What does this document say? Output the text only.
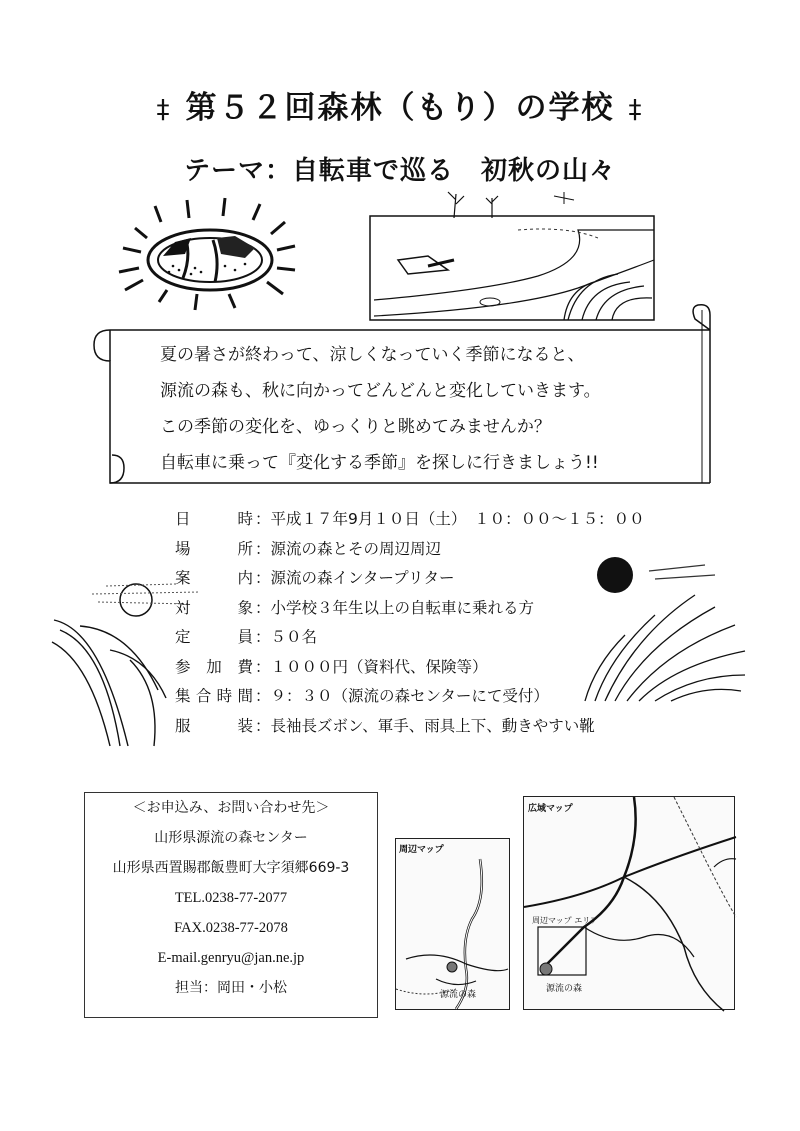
‡ 第５２回森林（もり）の学校 ‡
テーマ：自転車で巡る　初秋の山々
夏の暑さが終わって、涼しくなっていく季節になると、
源流の森も、秋に向かってどんどんと変化していきます。
この季節の変化を、ゆっくりと眺めてみませんか？
自転車に乗って『変化する季節』を探しに行きましょう!!
日	時 ：平成１７年9月１０日（土）　１０：００～１５：００
場	所 ：源流の森とその周辺周辺
案	内 ：源流の森インタープリター
対	象 ：小学校３年生以上の自転車に乗れる方
定	員 ：５０名
参 加 費 ：１０００円（資料代、保険等）
集 合 時 間 ：９：３０（源流の森センターにて受付）
服	装 ：長袖長ズボン、軍手、雨具上下、動きやすい靴
＜お申込み、お問い合わせ先＞
山形県源流の森センター
山形県西置賜郡飯豊町大字須郷669-3
TEL.0238-77-2077
FAX.0238-77-2078
E-mail.genryu@jan.ne.jp
担当：岡田・小松
周辺マップ
源流の森
広域マップ
周辺マップ エリア
源流の森
